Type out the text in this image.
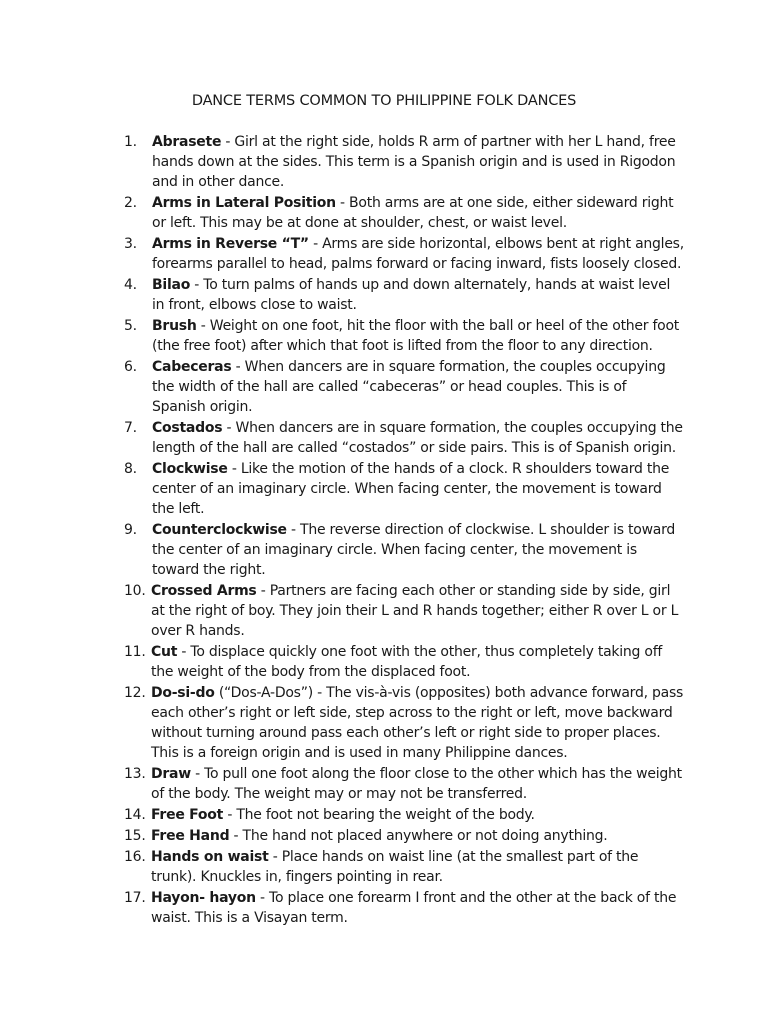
DANCE TERMS COMMON TO PHILIPPINE FOLK DANCES
1. Abrasete - Girl at the right side, holds R arm of partner with her L hand, free hands down at the sides. This term is a Spanish origin and is used in Rigodon and in other dance.
2. Arms in Lateral Position - Both arms are at one side, either sideward right or left. This may be at done at shoulder, chest, or waist level.
3. Arms in Reverse “T” - Arms are side horizontal, elbows bent at right angles, forearms parallel to head, palms forward or facing inward, fists loosely closed.
4. Bilao - To turn palms of hands up and down alternately, hands at waist level in front, elbows close to waist.
5. Brush - Weight on one foot, hit the floor with the ball or heel of the other foot (the free foot) after which that foot is lifted from the floor to any direction.
6. Cabeceras - When dancers are in square formation, the couples occupying the width of the hall are called “cabeceras” or head couples. This is of Spanish origin.
7. Costados - When dancers are in square formation, the couples occupying the length of the hall are called “costados” or side pairs. This is of Spanish origin.
8. Clockwise - Like the motion of the hands of a clock. R shoulders toward the center of an imaginary circle. When facing center, the movement is toward the left.
9. Counterclockwise - The reverse direction of clockwise. L shoulder is toward the center of an imaginary circle. When facing center, the movement is toward the right.
10. Crossed Arms - Partners are facing each other or standing side by side, girl at the right of boy. They join their L and R hands together; either R over L or L over R hands.
11. Cut - To displace quickly one foot with the other, thus completely taking off the weight of the body from the displaced foot.
12. Do-si-do (“Dos-A-Dos”) - The vis-à-vis (opposites) both advance forward, pass each other’s right or left side, step across to the right or left, move backward without turning around pass each other’s left or right side to proper places. This is a foreign origin and is used in many Philippine dances.
13. Draw - To pull one foot along the floor close to the other which has the weight of the body. The weight may or may not be transferred.
14. Free Foot - The foot not bearing the weight of the body.
15. Free Hand - The hand not placed anywhere or not doing anything.
16. Hands on waist - Place hands on waist line (at the smallest part of the trunk). Knuckles in, fingers pointing in rear.
17. Hayon- hayon - To place one forearm I front and the other at the back of the waist. This is a Visayan term.
